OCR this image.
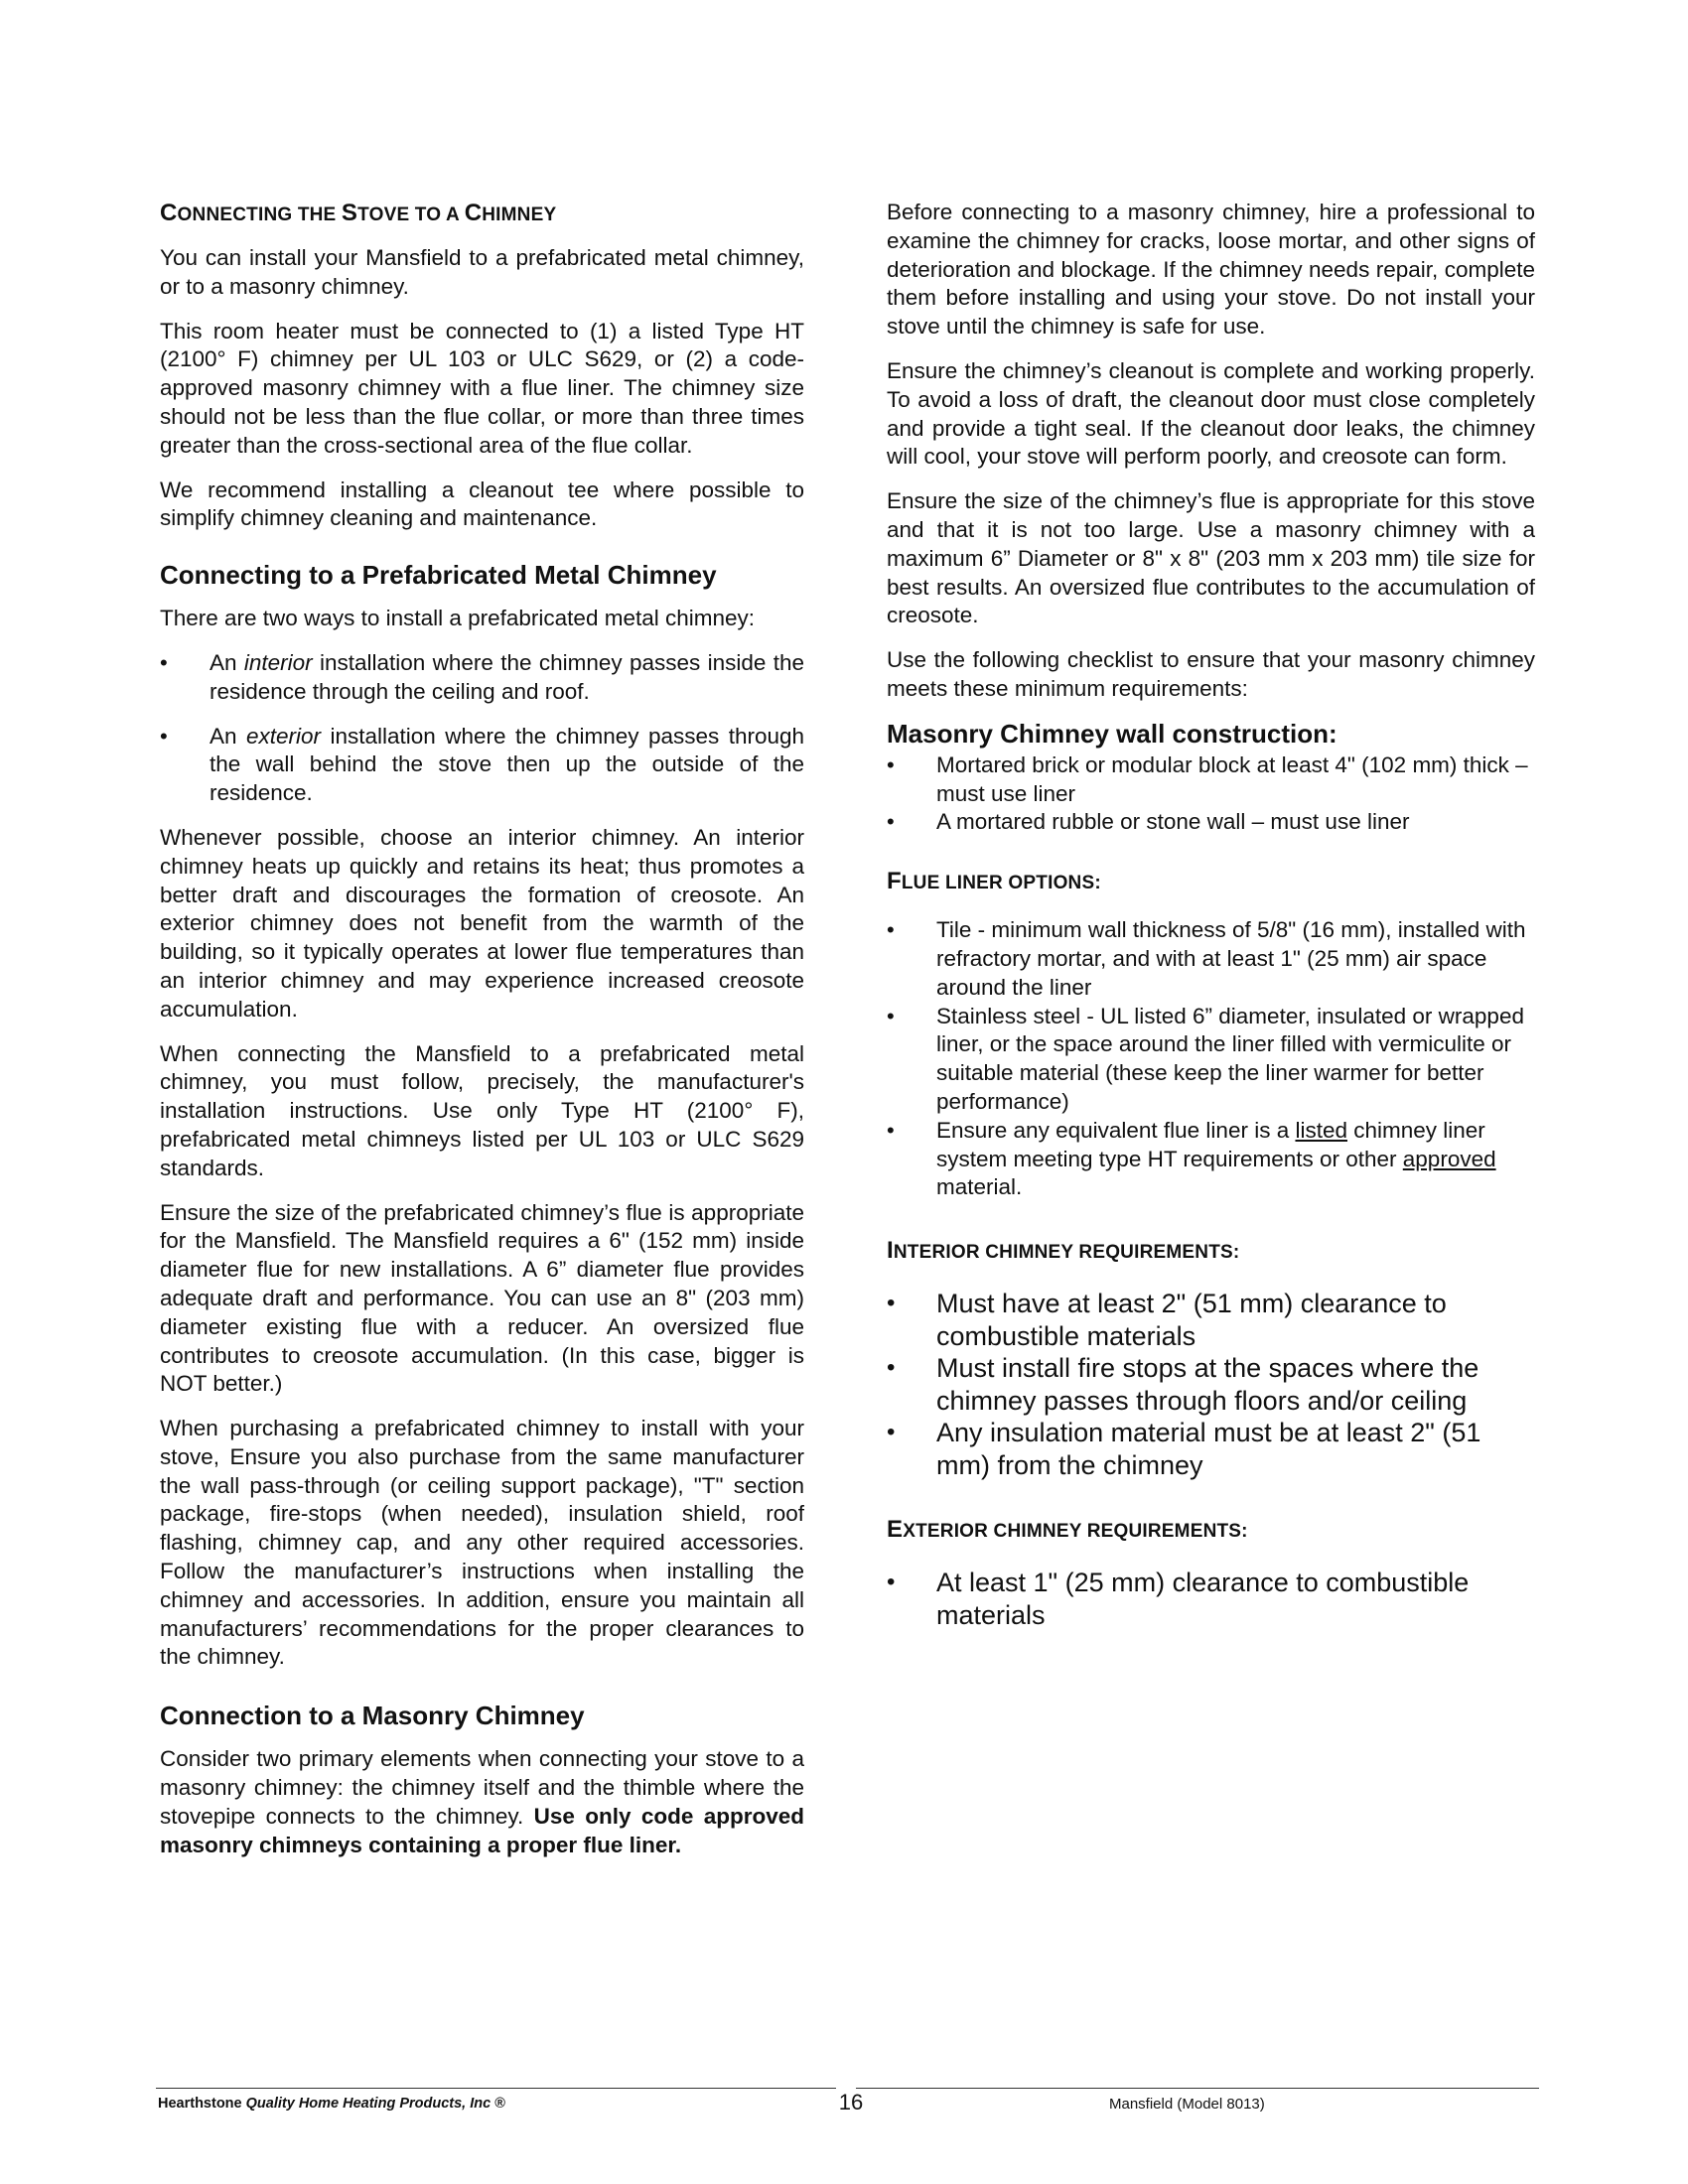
CONNECTING THE STOVE TO A CHIMNEY

You can install your Mansfield to a prefabricated metal chimney, or to a masonry chimney.

This room heater must be connected to (1) a listed Type HT (2100° F) chimney per UL 103 or ULC S629, or (2) a code-approved masonry chimney with a flue liner. The chimney size should not be less than the flue collar, or more than three times greater than the cross-sectional area of the flue collar.

We recommend installing a cleanout tee where possible to simplify chimney cleaning and maintenance.

Connecting to a Prefabricated Metal Chimney

There are two ways to install a prefabricated metal chimney:

• An interior installation where the chimney passes inside the residence through the ceiling and roof.
• An exterior installation where the chimney passes through the wall behind the stove then up the outside of the residence.

Whenever possible, choose an interior chimney. An interior chimney heats up quickly and retains its heat; thus promotes a better draft and discourages the formation of creosote. An exterior chimney does not benefit from the warmth of the building, so it typically operates at lower flue temperatures than an interior chimney and may experience increased creosote accumulation.

When connecting the Mansfield to a prefabricated metal chimney, you must follow, precisely, the manufacturer's installation instructions. Use only Type HT (2100° F), prefabricated metal chimneys listed per UL 103 or ULC S629 standards.

Ensure the size of the prefabricated chimney’s flue is appropriate for the Mansfield. The Mansfield requires a 6" (152 mm) inside diameter flue for new installations. A 6” diameter flue provides adequate draft and performance. You can use an 8" (203 mm) diameter existing flue with a reducer. An oversized flue contributes to creosote accumulation. (In this case, bigger is NOT better.)

When purchasing a prefabricated chimney to install with your stove, Ensure you also purchase from the same manufacturer the wall pass-through (or ceiling support package), "T" section package, fire-stops (when needed), insulation shield, roof flashing, chimney cap, and any other required accessories. Follow the manufacturer’s instructions when installing the chimney and accessories. In addition, ensure you maintain all manufacturers’ recommendations for the proper clearances to the chimney.

Connection to a Masonry Chimney

Consider two primary elements when connecting your stove to a masonry chimney: the chimney itself and the thimble where the stovepipe connects to the chimney. Use only code approved masonry chimneys containing a proper flue liner.

Before connecting to a masonry chimney, hire a professional to examine the chimney for cracks, loose mortar, and other signs of deterioration and blockage. If the chimney needs repair, complete them before installing and using your stove. Do not install your stove until the chimney is safe for use.

Ensure the chimney’s cleanout is complete and working properly. To avoid a loss of draft, the cleanout door must close completely and provide a tight seal. If the cleanout door leaks, the chimney will cool, your stove will perform poorly, and creosote can form.

Ensure the size of the chimney’s flue is appropriate for this stove and that it is not too large. Use a masonry chimney with a maximum 6” Diameter or 8" x 8" (203 mm x 203 mm) tile size for best results. An oversized flue contributes to the accumulation of creosote.

Use the following checklist to ensure that your masonry chimney meets these minimum requirements:

Masonry Chimney wall construction:
• Mortared brick or modular block at least 4" (102 mm) thick – must use liner
• A mortared rubble or stone wall – must use liner
FLUE LINER OPTIONS:
• Tile - minimum wall thickness of 5/8" (16 mm), installed with refractory mortar, and with at least 1" (25 mm) air space around the liner
• Stainless steel - UL listed 6” diameter, insulated or wrapped liner, or the space around the liner filled with vermiculite or suitable material (these keep the liner warmer for better performance)
• Ensure any equivalent flue liner is a listed chimney liner system meeting type HT requirements or other approved material.
INTERIOR CHIMNEY REQUIREMENTS:
• Must have at least 2" (51 mm) clearance to combustible materials
• Must install fire stops at the spaces where the chimney passes through floors and/or ceiling
• Any insulation material must be at least 2" (51 mm) from the chimney
EXTERIOR CHIMNEY REQUIREMENTS:
• At least 1" (25 mm) clearance to combustible materials
Hearthstone Quality Home Heating Products, Inc ®	16	Mansfield (Model 8013)
